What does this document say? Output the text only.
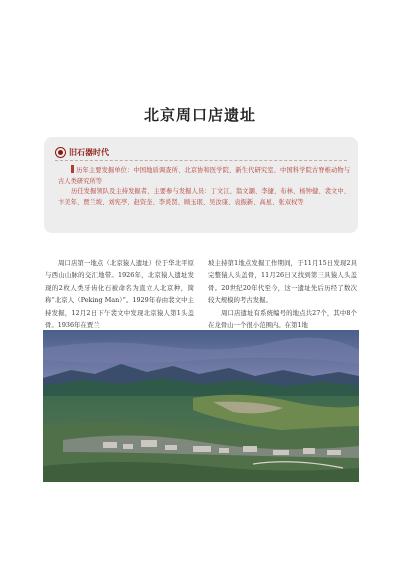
北京周口店遗址
旧石器时代
历年主要发掘单位：中国地质调查所、北京协和医学院、新生代研究室、中国科学院古脊椎动物与古人类研究所等
历任发掘领队及主持发掘者、主要参与发掘人员：丁文江、翁文灏、李捷、布林、杨钟健、裴文中、卞美年、贾兰坡、刘宪亭、赵资奎、李炎贤、顾玉珉、吴汝康、袁振新、高星、张双权等
周口店第一地点（北京猿人遗址）位于华北平原与西山山脉的交汇地带。1926年，北京猿人遗址发现的2枚人类牙齿化石被命名为直立人北京种，简称“北京人（Peking Man）”。1929年春由裴文中主持发掘，12月2日下午裴文中发现北京猿人第1头盖骨。1936年在贾兰
坡主持第1地点发掘工作期间，于11月15日发现2具完整猿人头盖骨，11月26日又找到第三具猿人头盖骨。20世纪20年代至今，这一遗址先后历经了数次较大规模的考古发掘。
周口店遗址有系统编号的地点共27个，其中8个在龙骨山一个很小范围内。在第1地
